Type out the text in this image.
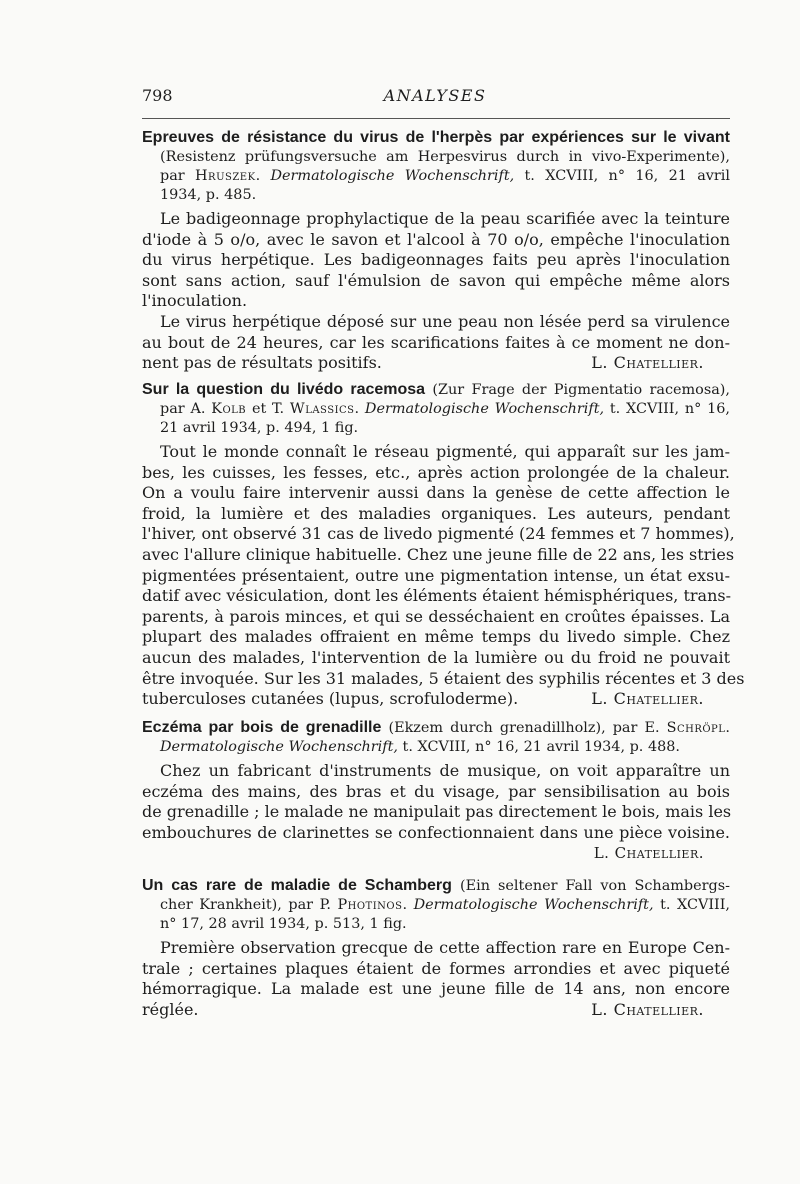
798	ANALYSES

Epreuves de résistance du virus de l'herpès par expériences sur le vivant

(Resistenz prüfungsversuche am Herpesvirus durch in vivo-Experimente),

par Hruszek. Dermatologische Wochenschrift, t. XCVIII, n° 16, 21 avril

1934, p. 485.

Le badigeonnage prophylactique de la peau scarifiée avec la teinture

d'iode à 5 o/o, avec le savon et l'alcool à 70 o/o, empêche l'inoculation

du virus herpétique. Les badigeonnages faits peu après l'inoculation

sont sans action, sauf l'émulsion de savon qui empêche même alors

l'inoculation.

Le virus herpétique déposé sur une peau non lésée perd sa virulence

au bout de 24 heures, car les scarifications faites à ce moment ne don-

nent pas de résultats positifs.	L. Chatellier.

Sur la question du livédo racemosa (Zur Frage der Pigmentatio racemosa),

par A. Kolb et T. Wlassics. Dermatologische Wochenschrift, t. XCVIII, n° 16,

21 avril 1934, p. 494, 1 fig.

Tout le monde connaît le réseau pigmenté, qui apparaît sur les jam-

bes, les cuisses, les fesses, etc., après action prolongée de la chaleur.

On a voulu faire intervenir aussi dans la genèse de cette affection le

froid, la lumière et des maladies organiques. Les auteurs, pendant

l'hiver, ont observé 31 cas de livedo pigmenté (24 femmes et 7 hommes),

avec l'allure clinique habituelle. Chez une jeune fille de 22 ans, les stries

pigmentées présentaient, outre une pigmentation intense, un état exsu-

datif avec vésiculation, dont les éléments étaient hémisphériques, trans-

parents, à parois minces, et qui se desséchaient en croûtes épaisses. La

plupart des malades offraient en même temps du livedo simple. Chez

aucun des malades, l'intervention de la lumière ou du froid ne pouvait

être invoquée. Sur les 31 malades, 5 étaient des syphilis récentes et 3 des

tuberculoses cutanées (lupus, scrofuloderme).	L. Chatellier.

Eczéma par bois de grenadille (Ekzem durch grenadillholz), par E. Schröpl.

Dermatologische Wochenschrift, t. XCVIII, n° 16, 21 avril 1934, p. 488.

Chez un fabricant d'instruments de musique, on voit apparaître un

eczéma des mains, des bras et du visage, par sensibilisation au bois

de grenadille ; le malade ne manipulait pas directement le bois, mais les

embouchures de clarinettes se confectionnaient dans une pièce voisine.

L. Chatellier.

Un cas rare de maladie de Schamberg (Ein seltener Fall von Schambergs-

cher Krankheit), par P. Photinos. Dermatologische Wochenschrift, t. XCVIII,

n° 17, 28 avril 1934, p. 513, 1 fig.

Première observation grecque de cette affection rare en Europe Cen-

trale ; certaines plaques étaient de formes arrondies et avec piqueté

hémorragique. La malade est une jeune fille de 14 ans, non encore

réglée.	L. Chatellier.
